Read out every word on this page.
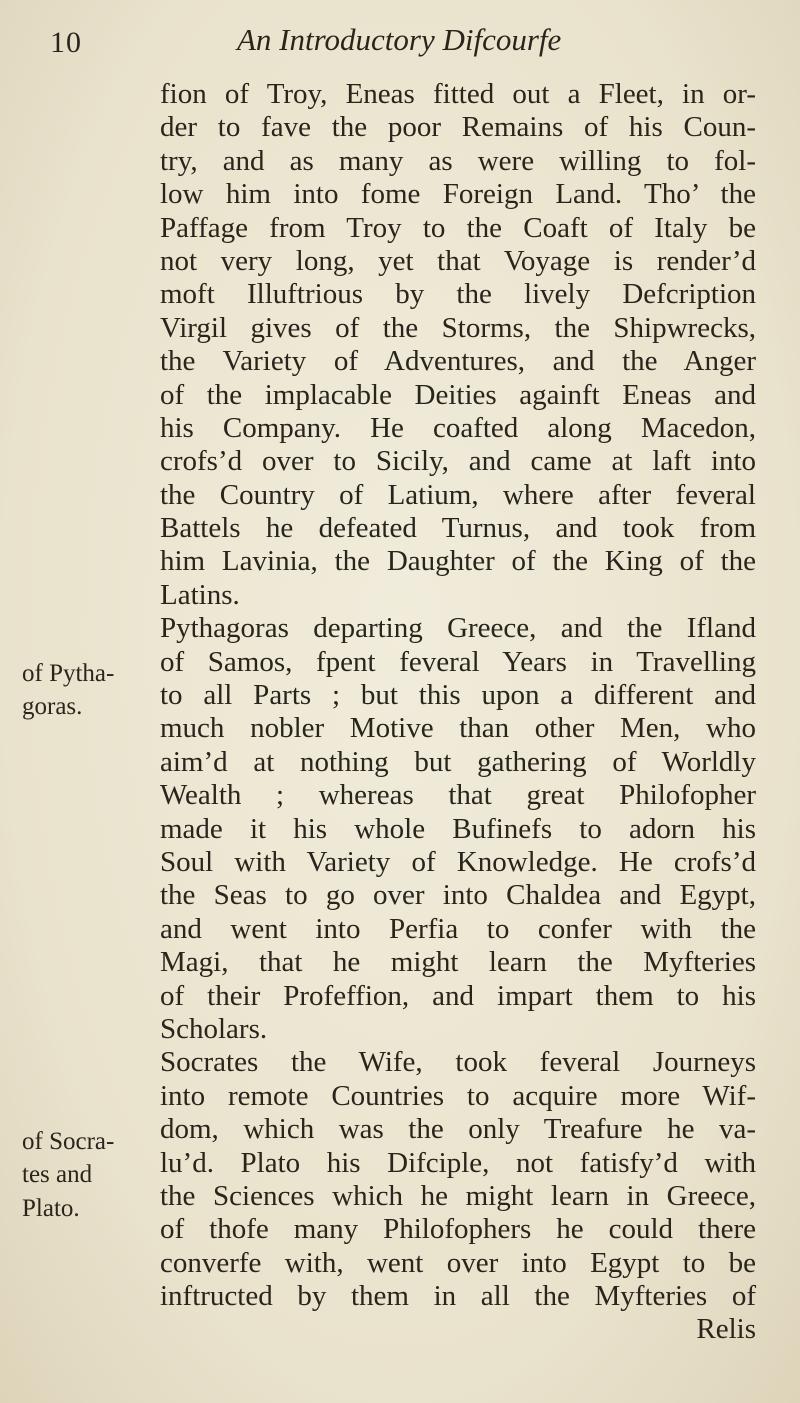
10	An Introductory Difcourfe
of Pytha-
goras.
of Socra-
tes and
Plato.
fion of Troy, Eneas fitted out a Fleet, in or-
der to fave the poor Remains of his Coun-
try, and as many as were willing to fol-
low him into fome Foreign Land. Tho’ the
Paffage from Troy to the Coaft of Italy be
not very long, yet that Voyage is render’d
moft Illuftrious by the lively Defcription
Virgil gives of the Storms, the Shipwrecks,
the Variety of Adventures, and the Anger
of the implacable Deities againft Eneas and
his Company. He coafted along Macedon,
crofs’d over to Sicily, and came at laft into
the Country of Latium, where after feveral
Battels he defeated Turnus, and took from
him Lavinia, the Daughter of the King of the
Latins.
Pythagoras departing Greece, and the Ifland
of Samos, fpent feveral Years in Travelling
to all Parts ; but this upon a different and
much nobler Motive than other Men, who
aim’d at nothing but gathering of Worldly
Wealth ; whereas that great Philofopher
made it his whole Bufinefs to adorn his
Soul with Variety of Knowledge. He crofs’d
the Seas to go over into Chaldea and Egypt,
and went into Perfia to confer with the
Magi, that he might learn the Myfteries
of their Profeffion, and impart them to his
Scholars.
Socrates the Wife, took feveral Journeys
into remote Countries to acquire more Wif-
dom, which was the only Treafure he va-
lu’d. Plato his Difciple, not fatisfy’d with
the Sciences which he might learn in Greece,
of thofe many Philofophers he could there
converfe with, went over into Egypt to be
inftructed by them in all the Myfteries of
Relis
